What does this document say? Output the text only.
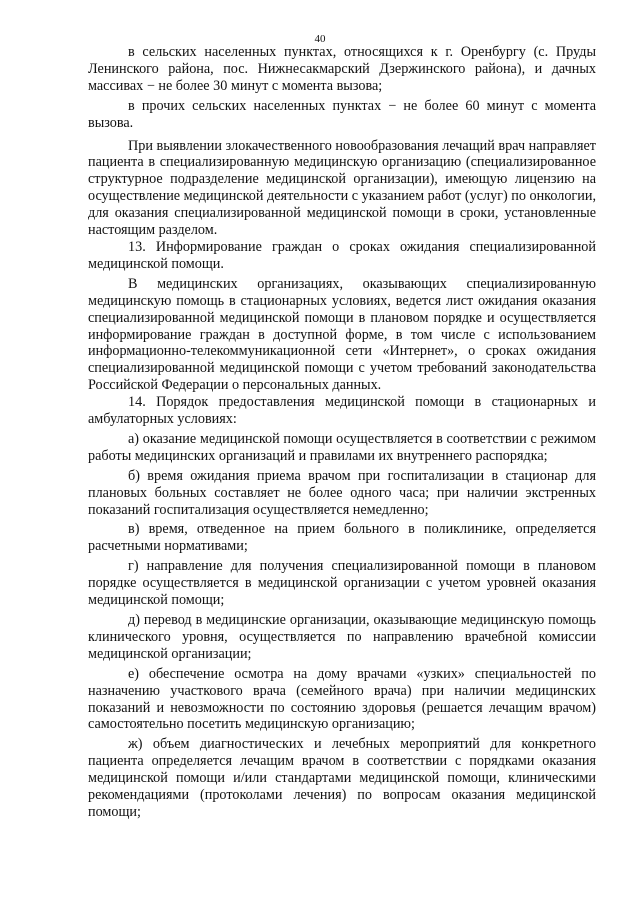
40

в сельских населенных пунктах, относящихся к г. Оренбургу (с. Пруды Ленинского района, пос. Нижнесакмарский Дзержинского района), и дачных массивах − не более 30 минут с момента вызова;

в прочих сельских населенных пунктах − не более 60 минут с момента вызова.

При выявлении злокачественного новообразования лечащий врач направляет пациента в специализированную медицинскую организацию (специализированное структурное подразделение медицинской организации), имеющую лицензию на осуществление медицинской деятельности с указанием работ (услуг) по онкологии, для оказания специализированной медицинской помощи в сроки, установленные настоящим разделом.

13. Информирование граждан о сроках ожидания специализированной медицинской помощи.

В медицинских организациях, оказывающих специализированную медицинскую помощь в стационарных условиях, ведется лист ожидания оказания специализированной медицинской помощи в плановом порядке и осуществляется информирование граждан в доступной форме, в том числе с использованием информационно-телекоммуникационной сети «Интернет», о сроках ожидания специализированной медицинской помощи с учетом требований законодательства Российской Федерации о персональных данных.

14. Порядок предоставления медицинской помощи в стационарных и амбулаторных условиях:

а) оказание медицинской помощи осуществляется в соответствии с режимом работы медицинских организаций и правилами их внутреннего распорядка;

б) время ожидания приема врачом при госпитализации в стационар для плановых больных составляет не более одного часа; при наличии экстренных показаний госпитализация осуществляется немедленно;

в) время, отведенное на прием больного в поликлинике, определяется расчетными нормативами;

г) направление для получения специализированной помощи в плановом порядке осуществляется в медицинской организации с учетом уровней оказания медицинской помощи;

д) перевод в медицинские организации, оказывающие медицинскую помощь клинического уровня, осуществляется по направлению врачебной комиссии медицинской организации;

е) обеспечение осмотра на дому врачами «узких» специальностей по назначению участкового врача (семейного врача) при наличии медицинских показаний и невозможности по состоянию здоровья (решается лечащим врачом) самостоятельно посетить медицинскую организацию;

ж) объем диагностических и лечебных мероприятий для конкретного пациента определяется лечащим врачом в соответствии с порядками оказания медицинской помощи и/или стандартами медицинской помощи, клиническими рекомендациями (протоколами лечения) по вопросам оказания медицинской помощи;
